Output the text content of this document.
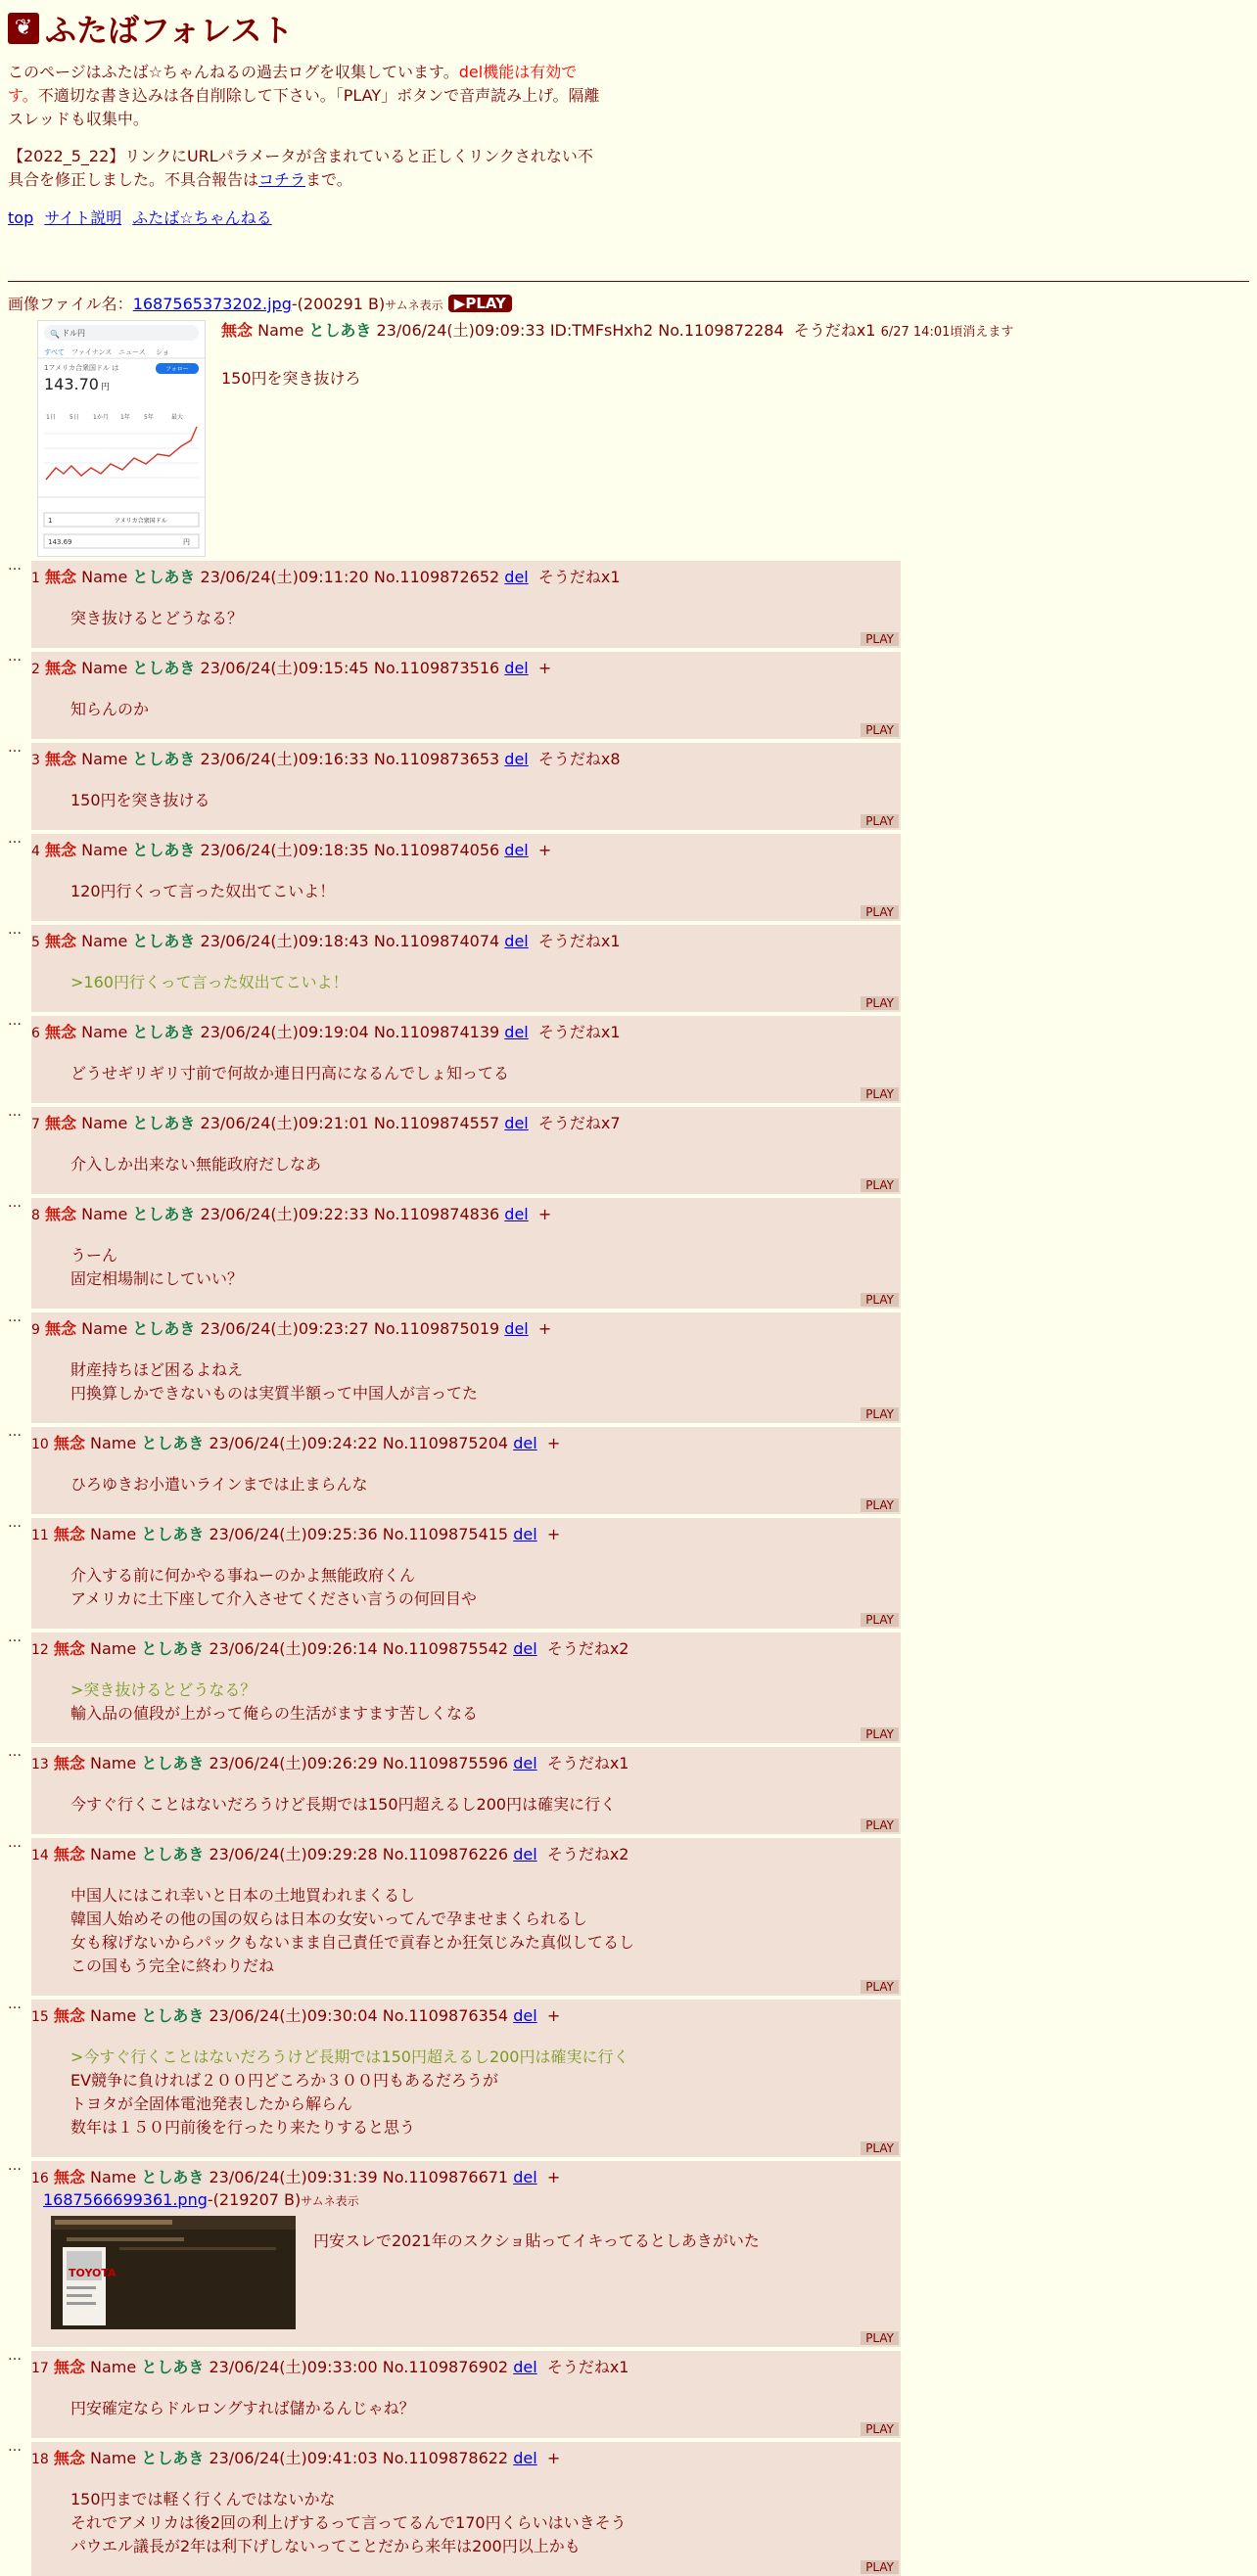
❦ ふたばフォレスト

このページはふたば☆ちゃんねるの過去ログを収集しています。del機能は有効です。不適切な書き込みは各自削除して下さい。「PLAY」ボタンで音声読み上げ。隔離スレッドも収集中。

【2022_5_22】リンクにURLパラメータが含まれていると正しくリンクされない不具合を修正しました。不具合報告はコチラまで。

top サイト説明 ふたば☆ちゃんねる
画像ファイル名：1687565373202.jpg-(200291 B)サムネ表示 ▶PLAY
🔍 ドル円
すべて ファイナンス ニュース ショ
1アメリカ合衆国ドル は	フォロー
143.70 円
1日 5日 1か月 1年 5年	最大
1	アメリカ合衆国ドル
143.69	円
無念 Name としあき 23/06/24(土)09:09:33 ID:TMFsHxh2 No.1109872284 そうだねx1 6/27 14:01頃消えます
150円を突き抜けろ
…
1 無念 Name としあき 23/06/24(土)09:11:20 No.1109872652 del そうだねx1
突き抜けるとどうなる？
PLAY
…
2 無念 Name としあき 23/06/24(土)09:15:45 No.1109873516 del +
知らんのか
PLAY
…
3 無念 Name としあき 23/06/24(土)09:16:33 No.1109873653 del そうだねx8
150円を突き抜ける
PLAY
…
4 無念 Name としあき 23/06/24(土)09:18:35 No.1109874056 del +
120円行くって言った奴出てこいよ！
PLAY
…
5 無念 Name としあき 23/06/24(土)09:18:43 No.1109874074 del そうだねx1
>160円行くって言った奴出てこいよ！
PLAY
…
6 無念 Name としあき 23/06/24(土)09:19:04 No.1109874139 del そうだねx1
どうせギリギリ寸前で何故か連日円高になるんでしょ知ってる
PLAY
…
7 無念 Name としあき 23/06/24(土)09:21:01 No.1109874557 del そうだねx7
介入しか出来ない無能政府だしなあ
PLAY
…
8 無念 Name としあき 23/06/24(土)09:22:33 No.1109874836 del +
うーん
固定相場制にしていい？
PLAY
…
9 無念 Name としあき 23/06/24(土)09:23:27 No.1109875019 del +
財産持ちほど困るよねえ
円換算しかできないものは実質半額って中国人が言ってた
PLAY
…
10 無念 Name としあき 23/06/24(土)09:24:22 No.1109875204 del +
ひろゆきお小遣いラインまでは止まらんな
PLAY
…
11 無念 Name としあき 23/06/24(土)09:25:36 No.1109875415 del +
介入する前に何かやる事ねーのかよ無能政府くん
アメリカに土下座して介入させてください言うの何回目や
PLAY
…
12 無念 Name としあき 23/06/24(土)09:26:14 No.1109875542 del そうだねx2
>突き抜けるとどうなる？
輸入品の値段が上がって俺らの生活がますます苦しくなる
PLAY
…
13 無念 Name としあき 23/06/24(土)09:26:29 No.1109875596 del そうだねx1
今すぐ行くことはないだろうけど長期では150円超えるし200円は確実に行く
PLAY
…
14 無念 Name としあき 23/06/24(土)09:29:28 No.1109876226 del そうだねx2
中国人にはこれ幸いと日本の土地買われまくるし
韓国人始めその他の国の奴らは日本の女安いってんで孕ませまくられるし
女も稼げないからパックもないまま自己責任で貢春とか狂気じみた真似してるし
この国もう完全に終わりだね
PLAY
…
15 無念 Name としあき 23/06/24(土)09:30:04 No.1109876354 del +
>今すぐ行くことはないだろうけど長期では150円超えるし200円は確実に行く
EV競争に負ければ２００円どころか３００円もあるだろうが
トヨタが全固体電池発表したから解らん
数年は１５０円前後を行ったり来たりすると思う
PLAY
…
16 無念 Name としあき 23/06/24(土)09:31:39 No.1109876671 del +
1687566699361.png-(219207 B)サムネ表示
TOYOTA
円安スレで2021年のスクショ貼ってイキってるとしあきがいた
PLAY
…
17 無念 Name としあき 23/06/24(土)09:33:00 No.1109876902 del そうだねx1
円安確定ならドルロングすれば儲かるんじゃね？
PLAY
…
18 無念 Name としあき 23/06/24(土)09:41:03 No.1109878622 del +
150円までは軽く行くんではないかな
それでアメリカは後2回の利上げするって言ってるんで170円くらいはいきそう
パウエル議長が2年は利下げしないってことだから来年は200円以上かも
PLAY
